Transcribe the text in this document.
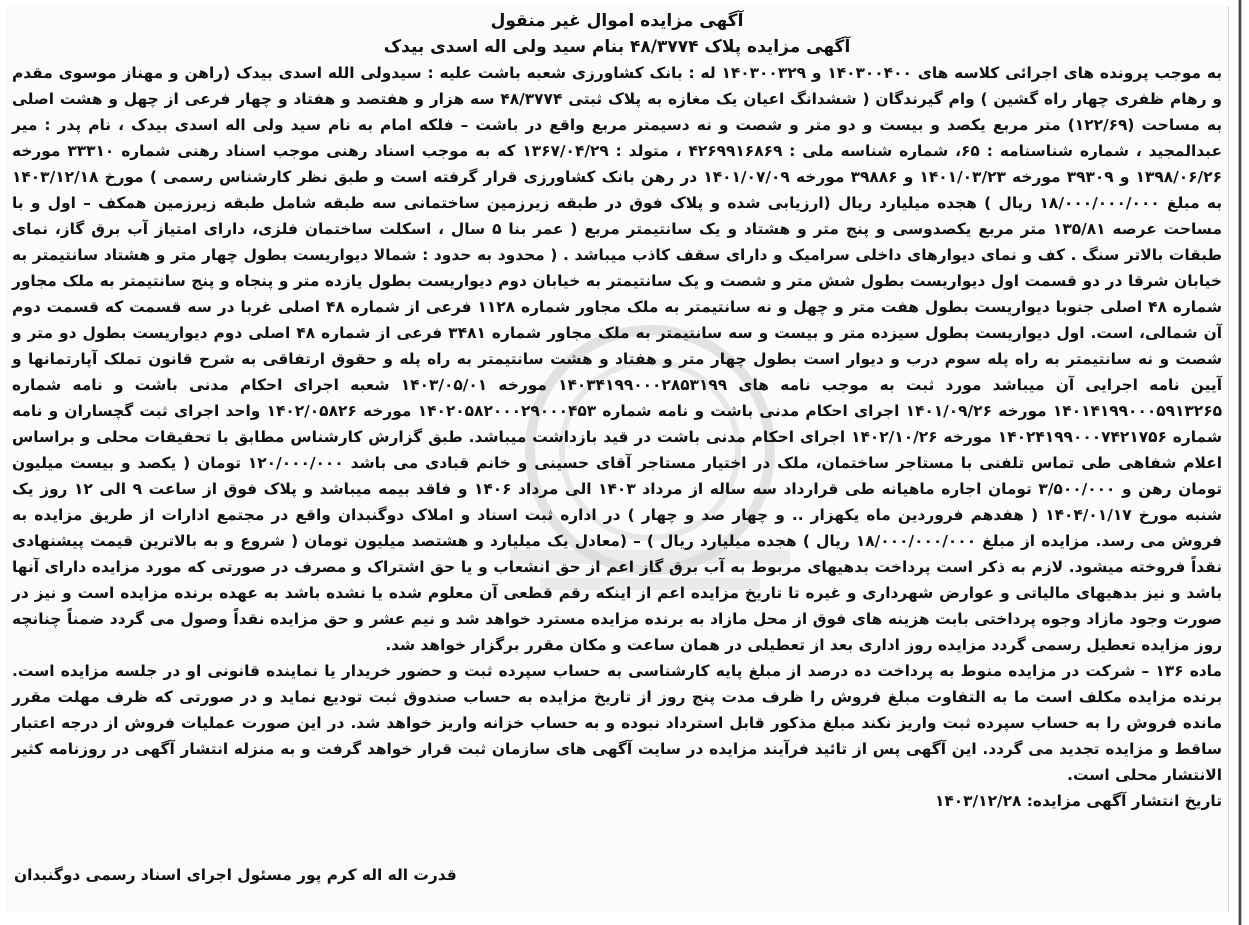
آگهی مزایده اموال غیر منقول

آگهی مزایده پلاک ۴۸/۳۷۷۴ بنام سید ولی اله اسدی بیدک

به موجب پرونده های اجرائی کلاسه های ۱۴۰۳۰۰۴۰۰ و ۱۴۰۳۰۰۳۲۹ له : بانک کشاورزی شعبه باشت علیه : سیدولی الله اسدی بیدک (راهن و مهناز موسوی مقدم و رهام ظفری چهار راه گشین ) وام گیرندگان ( ششدانگ اعیان یک مغازه به پلاک ثبتی ۴۸/۳۷۷۴ سه هزار و هفتصد و هفتاد و چهار فرعی از چهل و هشت اصلی به مساحت (۱۲۲/۶۹) متر مربع یکصد و بیست و دو متر و شصت و نه دسیمتر مربع واقع در باشت – فلکه امام به نام سید ولی اله اسدی بیدک ، نام پدر : میر عبدالمجید ، شماره شناسنامه : ۶۵، شماره شناسه ملی : ۴۲۶۹۹۱۶۸۶۹ ، متولد : ۱۳۶۷/۰۴/۲۹ که به موجب اسناد رهنی موجب اسناد رهنی شماره ۳۳۳۱۰ مورخه ۱۳۹۸/۰۶/۲۶ و ۳۹۳۰۹ مورخه ۱۴۰۱/۰۳/۲۳ و ۳۹۸۸۶ مورخه ۱۴۰۱/۰۷/۰۹ در رهن بانک کشاورزی قرار گرفته است و طبق نظر کارشناس رسمی ) مورخ ۱۴۰۳/۱۲/۱۸ به مبلغ ۱۸/۰۰۰/۰۰۰/۰۰۰ ریال ) هجده میلیارد ریال (ارزیابی شده و پلاک فوق در طبقه زیرزمین ساختمانی سه طبقه شامل طبقه زیرزمین همکف – اول و با مساحت عرصه ۱۳۵/۸۱ متر مربع یکصدوسی و پنج متر و هشتاد و یک سانتیمتر مربع ( عمر بنا ۵ سال ، اسکلت ساختمان فلزی، دارای امتیاز آب برق گاز، نمای طبقات بالاتر سنگ . کف و نمای دیوارهای داخلی سرامیک و دارای سقف کاذب میباشد . ( محدود به حدود : شمالا دیواریست بطول چهار متر و هشتاد سانتیمتر به خیابان شرقا در دو قسمت اول دیواریست بطول شش متر و شصت و یک سانتیمتر به خیابان دوم دیواریست بطول یازده متر و پنجاه و پنج سانتیمتر به ملک مجاور شماره ۴۸ اصلی جنوبا دیواریست بطول هفت متر و چهل و نه سانتیمتر به ملک مجاور شماره ۱۱۲۸ فرعی از شماره ۴۸ اصلی غربا در سه قسمت که قسمت دوم آن شمالی، است. اول دیواریست بطول سیزده متر و بیست و سه سانتیمتر به ملک مجاور شماره ۳۴۸۱ فرعی از شماره ۴۸ اصلی دوم دیواریست بطول دو متر و شصت و نه سانتیمتر به راه پله سوم درب و دیوار است بطول چهار متر و هفتاد و هشت سانتیمتر به راه پله و حقوق ارتفاقی به شرح قانون تملک آپارتمانها و آیین نامه اجرایی آن میباشد مورد ثبت به موجب نامه های ۱۴۰۳۴۱۹۹۰۰۰۲۸۵۳۱۹۹ مورخه ۱۴۰۳/۰۵/۰۱ شعبه اجرای احکام مدنی باشت و نامه شماره ۱۴۰۱۴۱۹۹۰۰۰۵۹۱۳۲۶۵ مورخه ۱۴۰۱/۰۹/۲۶ اجرای احکام مدنی باشت و نامه شماره ۱۴۰۲۰۵۸۲۰۰۰۲۹۰۰۰۴۵۳ مورخه ۱۴۰۲/۰۵۸۲۶ واحد اجرای ثبت گچساران و نامه شماره ۱۴۰۲۴۱۹۹۰۰۰۷۴۲۱۷۵۶ مورخه ۱۴۰۲/۱۰/۲۶ اجرای احکام مدنی باشت در قید بازداشت میباشد. طبق گزارش کارشناس مطابق با تحقیقات محلی و براساس اعلام شفاهی طی تماس تلفنی با مستاجر ساختمان، ملک در اختیار مستاجر آقای حسینی و خانم قبادی می باشد ۱۲۰/۰۰۰/۰۰۰ تومان ( یکصد و بیست میلیون تومان رهن و ۳/۵۰۰/۰۰۰ تومان اجاره ماهیانه طی قرارداد سه ساله از مرداد ۱۴۰۳ الی مرداد ۱۴۰۶ و فاقد بیمه میباشد و پلاک فوق از ساعت ۹ الی ۱۲ روز یک شنبه مورخ ۱۴۰۴/۰۱/۱۷ ( هفدهم فروردین ماه یکهزار .. و چهار صد و چهار ) در اداره ثبت اسناد و املاک دوگنبدان واقع در مجتمع ادارات از طریق مزایده به فروش می رسد. مزایده از مبلغ ۱۸/۰۰۰/۰۰۰/۰۰۰ ریال ) هجده میلیارد ریال ) – (معادل یک میلیارد و هشتصد میلیون تومان ( شروع و به بالاترین قیمت پیشنهادی نقداً فروخته میشود. لازم به ذکر است پرداخت بدهیهای مربوط به آب برق گاز اعم از حق انشعاب و یا حق اشتراک و مصرف در صورتی که مورد مزایده دارای آنها باشد و نیز بدهیهای مالیاتی و عوارض شهرداری و غیره تا تاریخ مزایده اعم از اینکه رقم قطعی آن معلوم شده یا نشده باشد به عهده برنده مزایده است و نیز در صورت وجود مازاد وجوه پرداختی بابت هزینه های فوق از محل مازاد به برنده مزایده مسترد خواهد شد و نیم عشر و حق مزایده نقداً وصول می گردد ضمناً چنانچه روز مزایده تعطیل رسمی گردد مزایده روز اداری بعد از تعطیلی در همان ساعت و مکان مقرر برگزار خواهد شد.

ماده ۱۳۶ – شرکت در مزایده منوط به پرداخت ده درصد از مبلغ پایه کارشناسی به حساب سپرده ثبت و حضور خریدار یا نماینده قانونی او در جلسه مزایده است. برنده مزایده مکلف است ما به التفاوت مبلغ فروش را ظرف مدت پنج روز از تاریخ مزایده به حساب صندوق ثبت تودیع نماید و در صورتی که ظرف مهلت مقرر مانده فروش را به حساب سپرده ثبت واریز نکند مبلغ مذکور قابل استرداد نبوده و به حساب خزانه واریز خواهد شد. در این صورت عملیات فروش از درجه اعتبار ساقط و مزایده تجدید می گردد. این آگهی پس از تائید فرآیند مزایده در سایت آگهی های سازمان ثبت قرار خواهد گرفت و به منزله انتشار آگهی در روزنامه کثیر الانتشار محلی است.

تاریخ انتشار آگهی مزایده: ۱۴۰۳/۱۲/۲۸

قدرت اله اله کرم پور مسئول اجرای اسناد رسمی دوگنبدان
